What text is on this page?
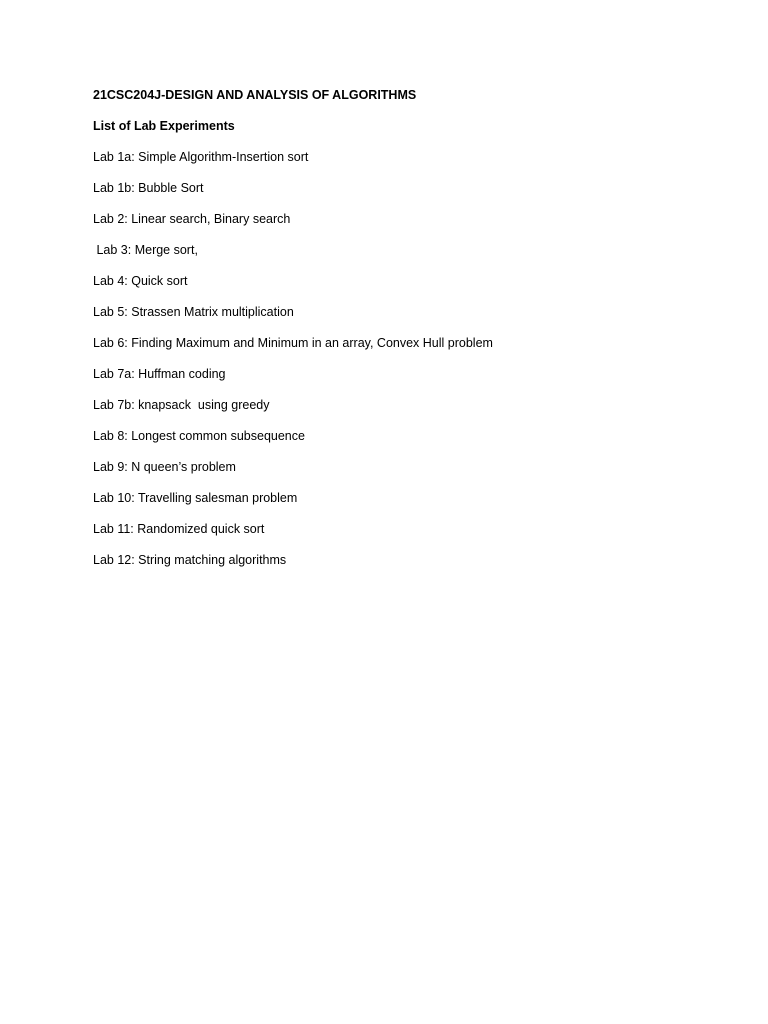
21CSC204J-DESIGN AND ANALYSIS OF ALGORITHMS
List of Lab Experiments
Lab 1a: Simple Algorithm-Insertion sort
Lab 1b: Bubble Sort
Lab 2: Linear search, Binary search
Lab 3: Merge sort,
Lab 4: Quick sort
Lab 5: Strassen Matrix multiplication
Lab 6: Finding Maximum and Minimum in an array, Convex Hull problem
Lab 7a: Huffman coding
Lab 7b: knapsack  using greedy
Lab 8: Longest common subsequence
Lab 9: N queen’s problem
Lab 10: Travelling salesman problem
Lab 11: Randomized quick sort
Lab 12: String matching algorithms
